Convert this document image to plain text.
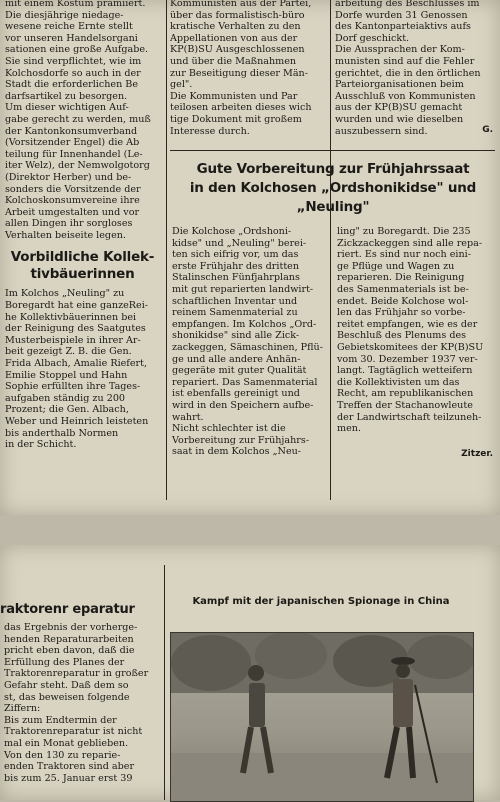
mit einem Kostüm prämiiert.

Die diesjährige niedage-

wesene reiche Ernte stellt

vor unseren Handelsorgani

sationen eine große Aufgabe.

Sie sind verpflichtet, wie im

Kolchosdorfe so auch in der

Stadt die erforderlichen Be

darfsartikel zu besorgen.

Um dieser wichtigen Auf-

gabe gerecht zu werden, muß

der Kantonkonsumverband

(Vorsitzender Engel) die Ab

teilung für Innenhandel (Le-

iter Welz), der Nemwolgotorg

(Direktor Herber) und be-

sonders die Vorsitzende der

Kolchoskonsumvereine ihre

Arbeit umgestalten und vor

allen Dingen ihr sorgloses

Verhalten beiseite legen.

Vorbildliche Kollek- tivbäuerinnen

Im Kolchos „Neuling" zu

Boregardt hat eine ganzeRei-

he Kollektivbäuerinnen bei

der Reinigung des Saatgutes

Musterbeispiele in ihrer Ar-

beit gezeigt Z. B. die Gen.

Frida Albach, Amalie Riefert,

Emilie Stoppel und Hahn

Sophie erfüllten ihre Tages-

aufgaben ständig zu 200

Prozent; die Gen. Albach,

Weber und Heinrich leisteten

bis anderthalb Normen

in der Schicht.

Kommunisten aus der Partei,

über das formalistisch-büro

kratische Verhalten zu den

Appellationen von aus der

KP(B)SU Ausgeschlossenen

und über die Maßnahmen

zur Beseitigung dieser Män-

gel".

Die Kommunisten und Par

teilosen arbeiten dieses wich

tige Dokument mit großem

Interesse durch.

arbeitung des Beschlusses im

Dorfe wurden 31 Genossen

des Kantonparteiaktivs aufs

Dorf geschickt.

Die Aussprachen der Kom-

munisten sind auf die Fehler

gerichtet, die in den örtlichen

Parteiorganisationen beim

Ausschluß von Kommunisten

aus der KP(B)SU gemacht

wurden und wie dieselben

auszubessern sind.	G.
Gute Vorbereitung zur Frühjahrssaat
in den Kolchosen „Ordshonikidse" und
„Neuling"

Die Kolchose „Ordshoni-

kidse" und „Neuling" berei-

ten sich eifrig vor, um das

erste Frühjahr des dritten

Stalinschen Fünfjahrplans

mit gut reparierten landwirt-

schaftlichen Inventar und

reinem Samenmaterial zu

empfangen. Im Kolchos „Ord-

shonikidse" sind alle Zick-

zackeggen, Sämaschinen, Pflü-

ge und alle andere Anhän-

gegeräte mit guter Qualität

repariert. Das Samenmaterial

ist ebenfalls gereinigt und

wird in den Speichern aufbe-

wahrt.

Nicht schlechter ist die

Vorbereitung zur Frühjahrs-

saat in dem Kolchos „Neu-

ling" zu Boregardt. Die 235

Zickzackeggen sind alle repa-

riert. Es sind nur noch eini-

ge Pflüge und Wagen zu

reparieren. Die Reinigung

des Samenmaterials ist be-

endet. Beide Kolchose wol-

len das Frühjahr so vorbe-

reitet empfangen, wie es der

Beschluß des Plenums des

Gebietskomitees der KP(B)SU

vom 30. Dezember 1937 ver-

langt. Tagtäglich wetteifern

die Kollektivisten um das

Recht, am republikanischen

Treffen der Stachanowleute

der Landwirtschaft teilzuneh-

men.

Zitzer.
raktorenr eparatur

das Ergebnis der vorherge-

henden Reparaturarbeiten

pricht eben davon, daß die

Erfüllung des Planes der

Traktorenreparatur in großer

Gefahr steht. Daß dem so

st, das beweisen folgende

Ziffern:

Bis zum Endtermin der

Traktorenreparatur ist nicht

mal ein Monat geblieben.

Von den 130 zu reparie-

enden Traktoren sind aber

bis zum 25. Januar erst 39

Kampf mit der japanischen Spionage in China
